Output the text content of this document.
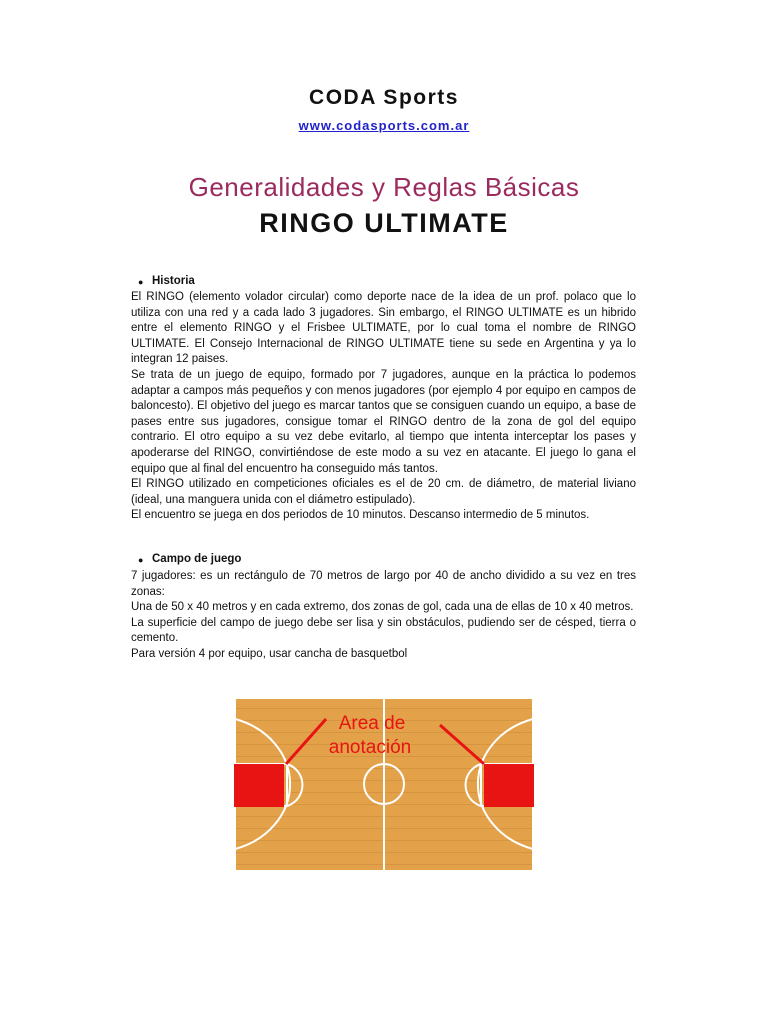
CODA Sports
www.codasports.com.ar
Generalidades y Reglas Básicas
RINGO ULTIMATE
● Historia

El RINGO (elemento volador circular) como deporte nace de la idea de un prof. polaco que lo utiliza con una red y a cada lado 3 jugadores. Sin embargo, el RINGO ULTIMATE es un hibrido entre el elemento RINGO y el Frisbee ULTIMATE, por lo cual toma el nombre de RINGO ULTIMATE. El Consejo Internacional de RINGO ULTIMATE tiene su sede en Argentina y ya lo integran 12 paises.

Se trata de un juego de equipo, formado por 7 jugadores, aunque en la práctica lo podemos adaptar a campos más pequeños y con menos jugadores (por ejemplo 4 por equipo en campos de baloncesto). El objetivo del juego es marcar tantos que se consiguen cuando un equipo, a base de pases entre sus jugadores, consigue tomar el RINGO dentro de la zona de gol del equipo contrario. El otro equipo a su vez debe evitarlo, al tiempo que intenta interceptar los pases y apoderarse del RINGO, convirtiéndose de este modo a su vez en atacante. El juego lo gana el equipo que al final del encuentro ha conseguido más tantos.

El RINGO utilizado en competiciones oficiales es el de 20 cm. de diámetro, de material liviano (ideal, una manguera unida con el diámetro estipulado).

El encuentro se juega en dos periodos de 10 minutos. Descanso intermedio de 5 minutos.

● Campo de juego

7 jugadores: es un rectángulo de 70 metros de largo por 40 de ancho dividido a su vez en tres zonas:

Una de 50 x 40 metros y en cada extremo, dos zonas de gol, cada una de ellas de 10 x 40 metros.

La superficie del campo de juego debe ser lisa y sin obstáculos, pudiendo ser de césped, tierra o cemento.

Para versión 4 por equipo, usar cancha de basquetbol

Area de
anotación
